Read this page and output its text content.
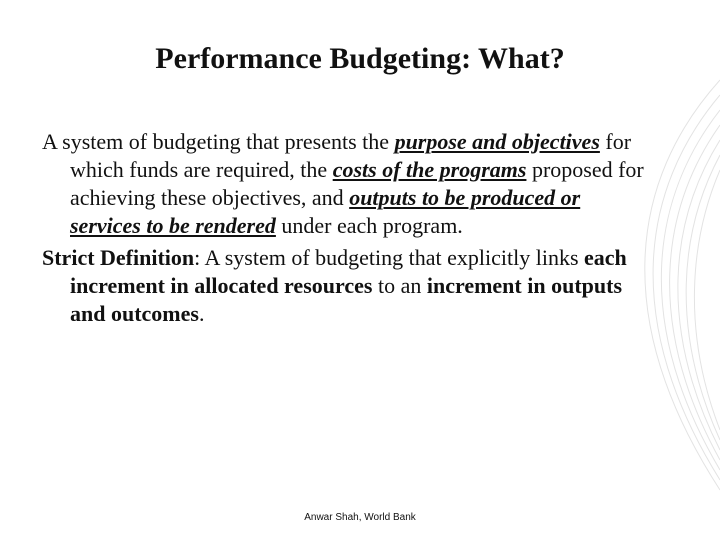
Performance Budgeting: What?

A system of budgeting that presents the purpose and objectives for which funds are required, the costs of the programs proposed for achieving these objectives, and outputs to be produced or services to be rendered under each program.

Strict Definition: A system of budgeting that explicitly links each increment in allocated resources to an increment in outputs and outcomes.

Anwar Shah, World Bank
